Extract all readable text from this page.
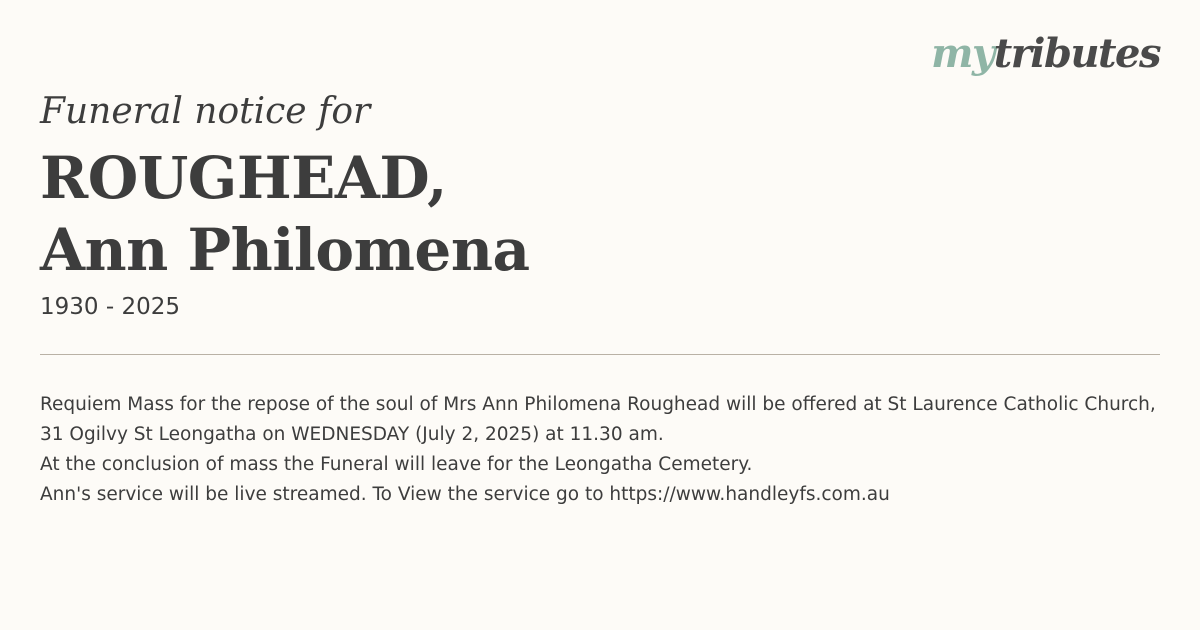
mytributes
Funeral notice for
ROUGHEAD,
Ann Philomena
1930 - 2025

Requiem Mass for the repose of the soul of Mrs Ann Philomena Roughead will be offered at St Laurence Catholic Church, 31 Ogilvy St Leongatha on WEDNESDAY (July 2, 2025) at 11.30 am.

At the conclusion of mass the Funeral will leave for the Leongatha Cemetery.

Ann's service will be live streamed. To View the service go to https://www.handleyfs.com.au
